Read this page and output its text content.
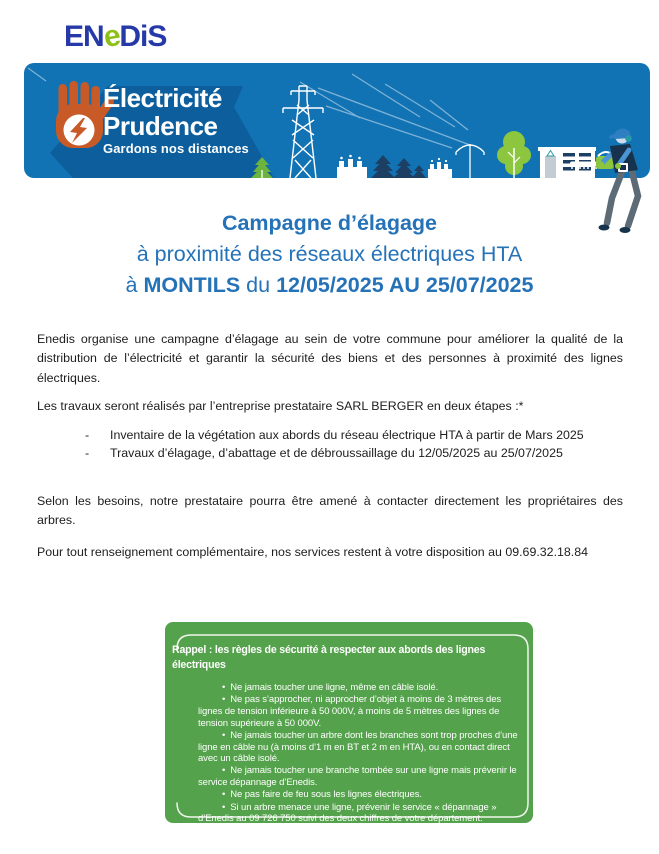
ENeDiS
Électricité
Prudence
Gardons nos distances
Campagne d’élagage
à proximité des réseaux électriques HTA
à MONTILS du 12/05/2025 AU 25/07/2025
Enedis organise une campagne d’élagage au sein de votre commune pour améliorer la qualité de la distribution de l’électricité et garantir la sécurité des biens et des personnes à proximité des lignes électriques.
Les travaux seront réalisés par l’entreprise prestataire SARL BERGER en deux étapes :*
- Inventaire de la végétation aux abords du réseau électrique HTA à partir de Mars 2025
- Travaux d’élagage, d’abattage et de débroussaillage du 12/05/2025 au 25/07/2025
Selon les besoins, notre prestataire pourra être amené à contacter directement les propriétaires des arbres.
Pour tout renseignement complémentaire, nos services restent à votre disposition au 09.69.32.18.84
Rappel : les règles de sécurité à respecter aux abords des lignes
électriques
• Ne jamais toucher une ligne, même en câble isolé.
• Ne pas s’approcher, ni approcher d’objet à moins de 3 mètres des lignes de tension inférieure à 50 000V, à moins de 5 mètres des lignes de tension supérieure à 50 000V.
• Ne jamais toucher un arbre dont les branches sont trop proches d’une ligne en câble nu (à moins d’1 m en BT et 2 m en HTA), ou en contact direct avec un câble isolé.
• Ne jamais toucher une branche tombée sur une ligne mais prévenir le service dépannage d’Enedis.
• Ne pas faire de feu sous les lignes électriques.
• Si un arbre menace une ligne, prévenir le service « dépannage » d’Enedis au 09 726 750 suivi des deux chiffres de votre département.
